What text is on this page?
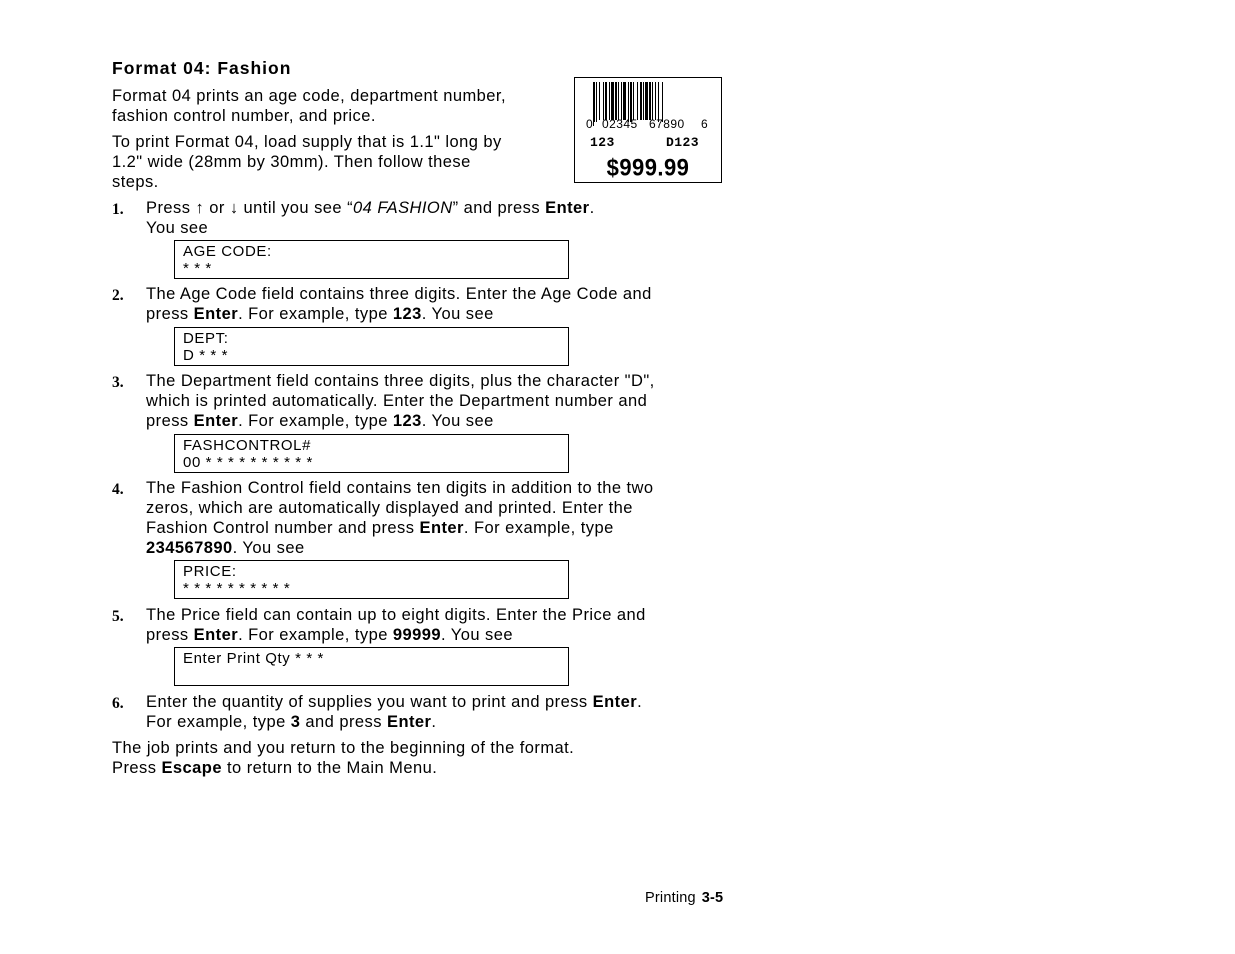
Format 04: Fashion
Format 04 prints an age code, department number,
fashion control number, and price.
To print Format 04, load supply that is 1.1" long by
1.2" wide (28mm by 30mm). Then follow these
steps.
0 02345 67890 6
123	D123
$999.99
1. Press ↑ or ↓ until you see “04 FASHION” and press Enter.
You see
AGE CODE:
* * *
2. The Age Code field contains three digits. Enter the Age Code and
press Enter. For example, type 123. You see
DEPT:
D * * *
3. The Department field contains three digits, plus the character "D",
which is printed automatically. Enter the Department number and
press Enter. For example, type 123. You see
FASHCONTROL#
00 * * * * * * * * * *
4. The Fashion Control field contains ten digits in addition to the two
zeros, which are automatically displayed and printed. Enter the
Fashion Control number and press Enter. For example, type
234567890. You see
PRICE:
* * * * * * * * * *
5. The Price field can contain up to eight digits. Enter the Price and
press Enter. For example, type 99999. You see
Enter Print Qty * * *
6. Enter the quantity of supplies you want to print and press Enter.
For example, type 3 and press Enter.
The job prints and you return to the beginning of the format.
Press Escape to return to the Main Menu.
Printing 3-5
